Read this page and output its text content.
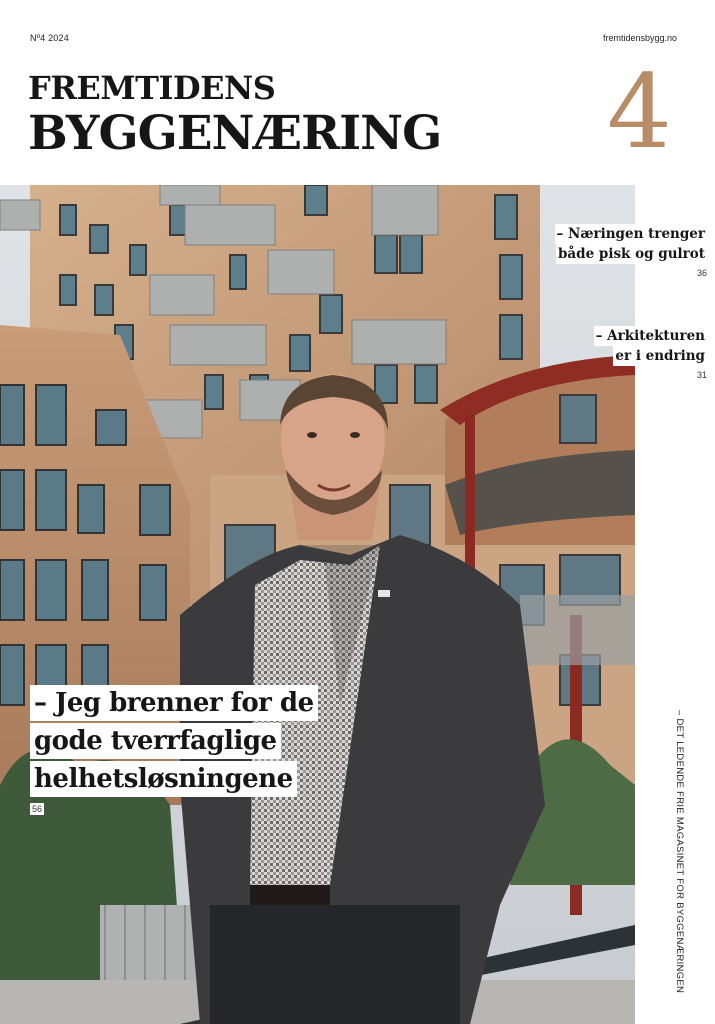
Nº4 2024	fremtidensbygg.no
FREMTIDENS
BYGGENÆRING 4
– Næringen trenger
både pisk og gulrot
36
– Arkitekturen
er i endring
31
– Jeg brenner for de
gode tverrfaglige
helhetsløsningene
56	– DET LEDENDE FRIE MAGASINET FOR BYGGENÆRINGEN
